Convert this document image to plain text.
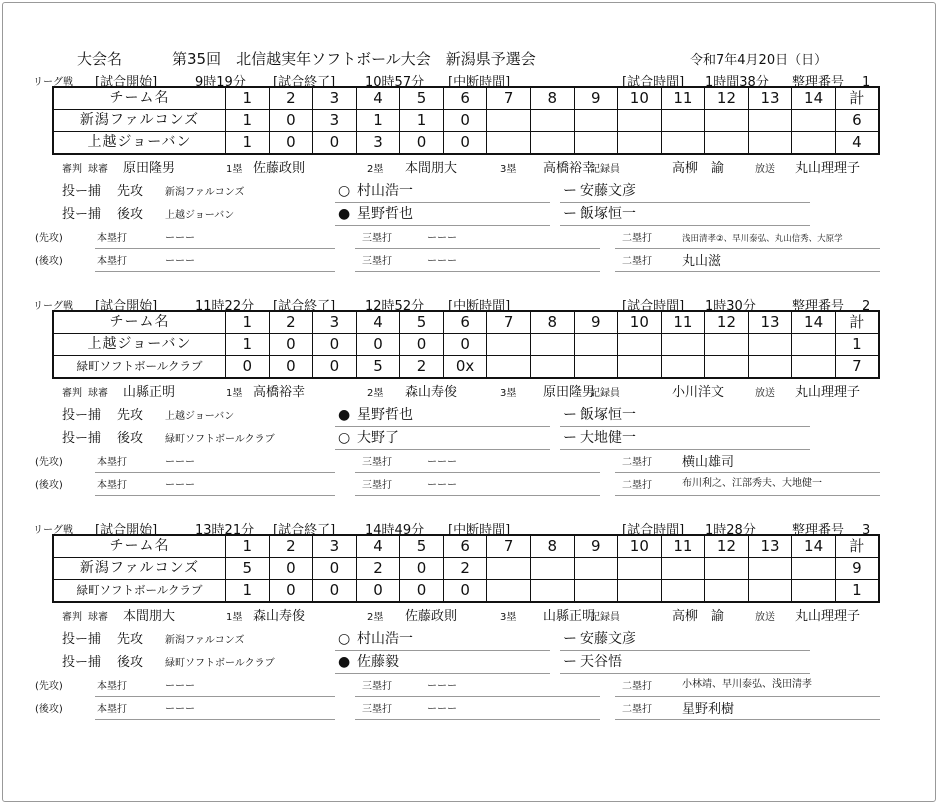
大会名	第35回　北信越実年ソフトボール大会　新潟県予選会	令和7年4月20日（日）
リーグ戦 [試合開始]	9時19分 [試合終了] 10時57分 [中断時間]	[試合時間] 1時間38分 整理番号 1
チーム名	1	2	3	4	5	6	7	8	9	10	11	12	13	14	計
新潟ファルコンズ	1	0	3	1	1	0									6
上越ジョーバン	1	0	0	3	0	0									4
審判 球審 原田隆男	1塁 佐藤政則	2塁 本間朋大	3塁 高橋裕幸
記録員	高柳　諭	放送 丸山理理子
投ー捕 先攻 新潟ファルコンズ	○ 村山浩一	ー 安藤文彦
投ー捕 後攻 上越ジョーバン	● 星野哲也	ー 飯塚恒一
(先攻)	本塁打	ーーー	三塁打	ーーー	二塁打	浅田清孝②、早川泰弘、丸山信秀、大原学
(後攻)	本塁打	ーーー	三塁打	ーーー	二塁打 丸山滋
リーグ戦 [試合開始]	11時22分 [試合終了] 12時52分 [中断時間]	[試合時間] 1時30分	整理番号 2
チーム名	1	2	3	4	5	6	7	8	9	10	11	12	13	14	計
上越ジョーバン	1	0	0	0	0	0									1
緑町ソフトボールクラブ	0	0	0	5	2	0x									7
審判 球審 山縣正明	1塁 高橋裕幸	2塁 森山寿俊	3塁 原田隆男
記録員	小川洋文	放送 丸山理理子
投ー捕 先攻 上越ジョーバン	● 星野哲也	ー 飯塚恒一
投ー捕 後攻 緑町ソフトボールクラブ	○ 大野了	ー 大地健一
(先攻)	本塁打	ーーー	三塁打	ーーー	二塁打 横山雄司
(後攻)	本塁打	ーーー	三塁打	ーーー	二塁打	布川利之、江部秀夫、大地健一
リーグ戦 [試合開始]	13時21分 [試合終了] 14時49分 [中断時間]	[試合時間] 1時28分	整理番号 3
チーム名	1	2	3	4	5	6	7	8	9	10	11	12	13	14	計
新潟ファルコンズ	5	0	0	2	0	2									9
緑町ソフトボールクラブ	1	0	0	0	0	0									1
審判 球審 本間朋大	1塁 森山寿俊	2塁 佐藤政則	3塁 山縣正明
記録員	高柳　諭	放送 丸山理理子
投ー捕 先攻 新潟ファルコンズ	○ 村山浩一	ー 安藤文彦
投ー捕 後攻 緑町ソフトボールクラブ	● 佐藤毅	ー 天谷悟
(先攻)	本塁打	ーーー	三塁打	ーーー	二塁打	小林靖、早川泰弘、浅田清孝
(後攻)	本塁打	ーーー	三塁打	ーーー	二塁打 星野利樹
